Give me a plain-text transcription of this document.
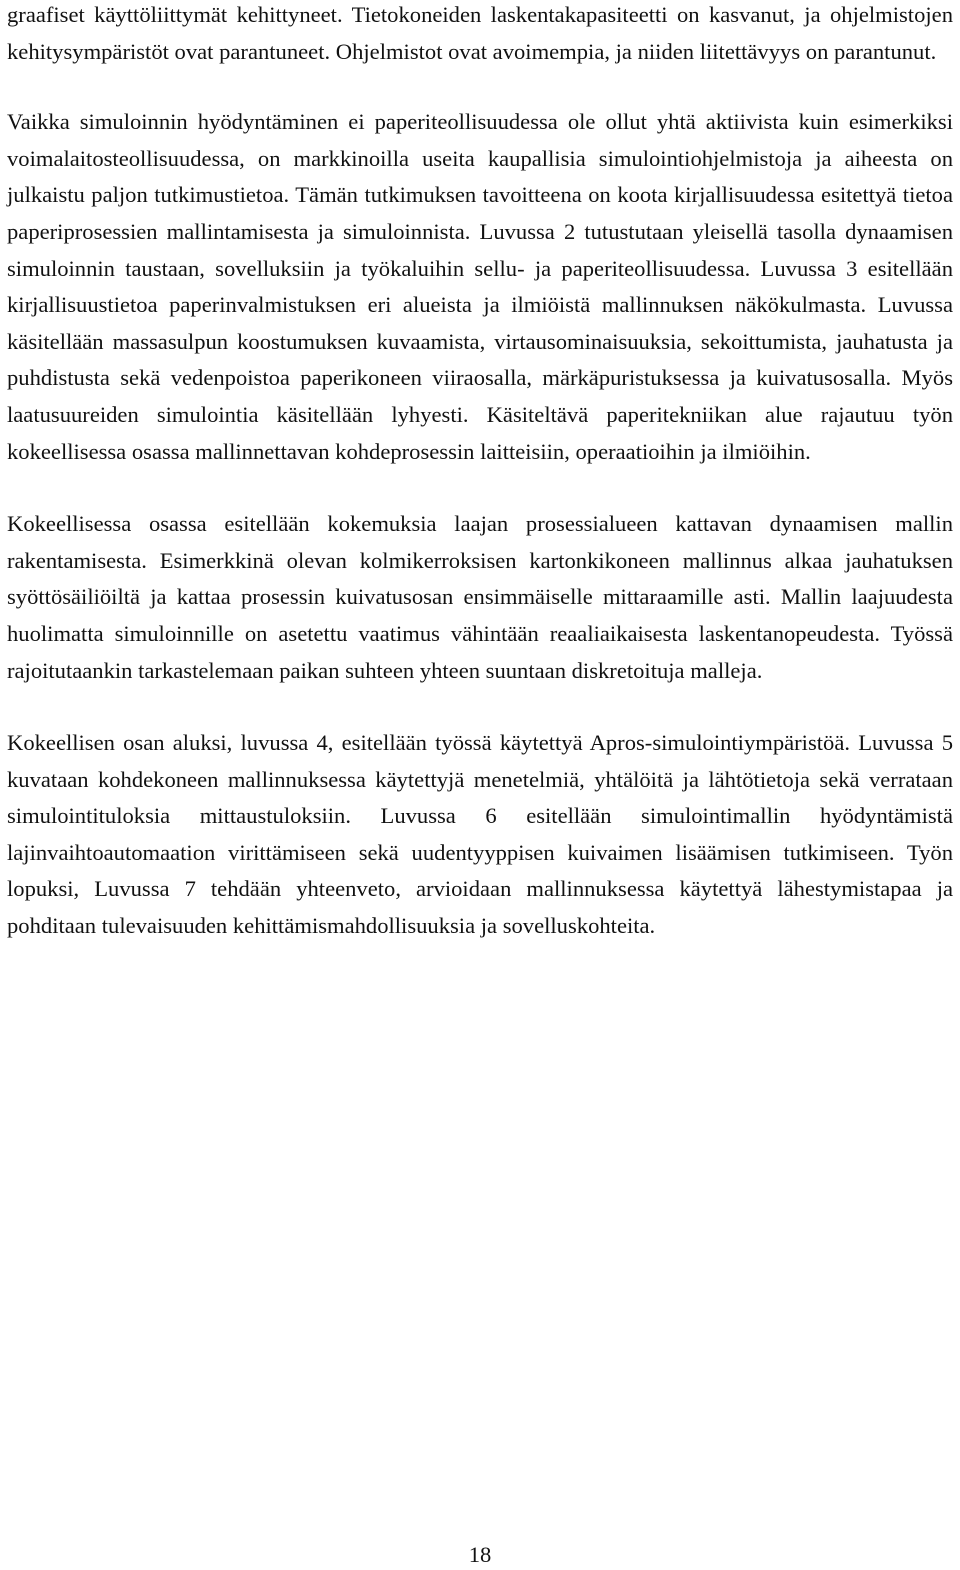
graafiset käyttöliittymät kehittyneet. Tietokoneiden laskentakapasiteetti on kasvanut, ja ohjelmistojen kehitysympäristöt ovat parantuneet. Ohjelmistot ovat avoimempia, ja niiden liitettävyys on parantunut.

Vaikka simuloinnin hyödyntäminen ei paperiteollisuudessa ole ollut yhtä aktiivista kuin esimerkiksi voimalaitosteollisuudessa, on markkinoilla useita kaupallisia simulointiohjelmistoja ja aiheesta on julkaistu paljon tutkimustietoa. Tämän tutkimuksen tavoitteena on koota kirjallisuudessa esitettyä tietoa paperiprosessien mallintamisesta ja simuloinnista. Luvussa 2 tutustutaan yleisellä tasolla dynaamisen simuloinnin taustaan, sovelluksiin ja työkaluihin sellu- ja paperiteollisuudessa. Luvussa 3 esitellään kirjallisuustietoa paperinvalmistuksen eri alueista ja ilmiöistä mallinnuksen näkökulmasta. Luvussa käsitellään massasulpun koostumuksen kuvaamista, virtausominaisuuksia, sekoittumista, jauhatusta ja puhdistusta sekä vedenpoistoa paperikoneen viiraosalla, märkäpuristuksessa ja kuivatusosalla. Myös laatusuureiden simulointia käsitellään lyhyesti. Käsiteltävä paperitekniikan alue rajautuu työn kokeellisessa osassa mallinnettavan kohdeprosessin laitteisiin, operaatioihin ja ilmiöihin.

Kokeellisessa osassa esitellään kokemuksia laajan prosessialueen kattavan dynaamisen mallin rakentamisesta. Esimerkkinä olevan kolmikerroksisen kartonkikoneen mallinnus alkaa jauhatuksen syöttösäiliöiltä ja kattaa prosessin kuivatusosan ensimmäiselle mittaraamille asti. Mallin laajuudesta huolimatta simuloinnille on asetettu vaatimus vähintään reaaliaikaisesta laskentanopeudesta. Työssä rajoitutaankin tarkastelemaan paikan suhteen yhteen suuntaan diskretoituja malleja.

Kokeellisen osan aluksi, luvussa 4, esitellään työssä käytettyä Apros-simulointiympäristöä. Luvussa 5 kuvataan kohdekoneen mallinnuksessa käytettyjä menetelmiä, yhtälöitä ja lähtötietoja sekä verrataan simulointituloksia mittaustuloksiin. Luvussa 6 esitellään simulointimallin hyödyntämistä lajinvaihtoautomaation virittämiseen sekä uudentyyppisen kuivaimen lisäämisen tutkimiseen. Työn lopuksi, Luvussa 7 tehdään yhteenveto, arvioidaan mallinnuksessa käytettyä lähestymistapaa ja pohditaan tulevaisuuden kehittämismahdollisuuksia ja sovelluskohteita.

18
